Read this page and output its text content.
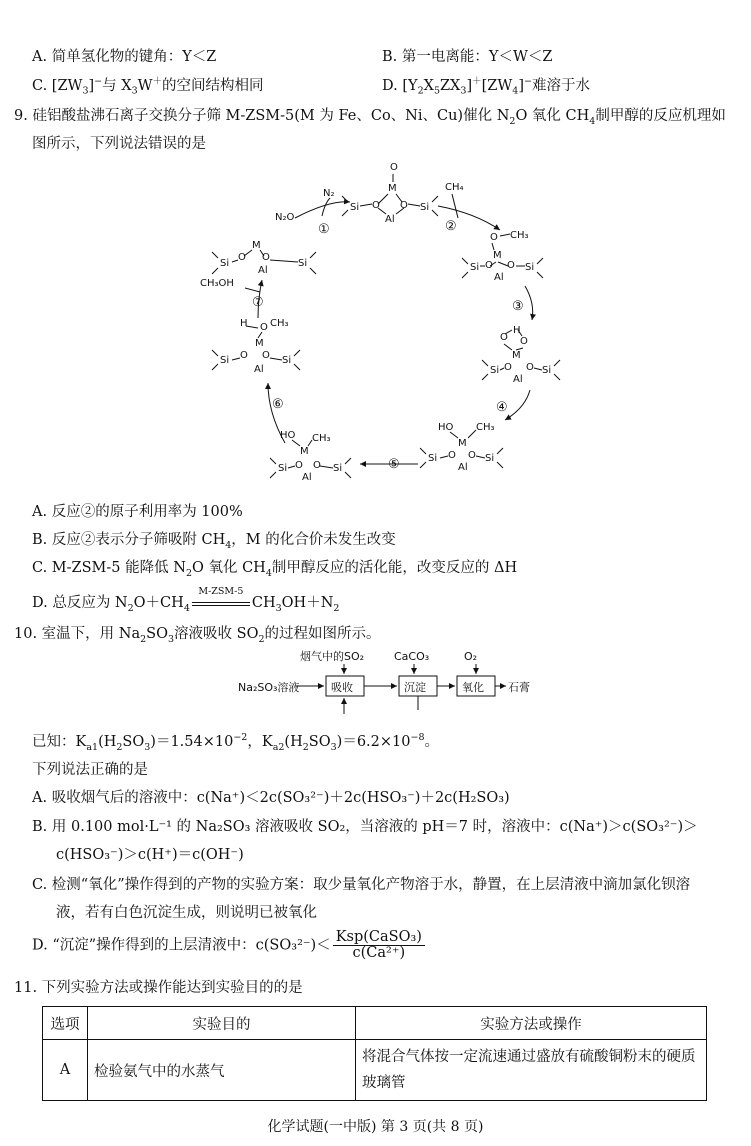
A. 简单氢化物的键角：Y＜Z	B. 第一电离能：Y＜W＜Z
C. $[ZW_3]^-$与 $X_3W^+$的空间结构相同	D. $[Y_2X_5ZX_3]^+[ZW_4]^-$难溶于水
9. 硅铝酸盐沸石离子交换分子筛 M-ZSM-5(M 为 Fe、Co、Ni、Cu)催化 $N_2O$ 氧化 $CH_4$制甲醇的反应机理如
图所示，下列说法错误的是
O
M
Si O O Si
Al
N₂O
N₂
CH₄
O CH₃
M
Si O O Si
Al
H
O O
M
Si O O Si
Al
HO
M
CH₃
Si O O Si
Al
HO CH₃
M
Si O O Si
Al
H O CH₃
M
Si O O Si
Al
CH₃OH
M
O O
Si	Si
Al
①	②
③
④
⑤
⑥
⑦
A. 反应②的原子利用率为 100%
B. 反应②表示分子筛吸附 $CH_4$，M 的化合价未发生改变
C. M-ZSM-5 能降低 $N_2O$ 氧化 $CH_4$制甲醇反应的活化能，改变反应的 ΔH
D. 总反应为 $N_2O+CH_4$
M-ZSM-5
$CH_3OH+N_2$
10. 室温下，用 $Na_2SO_3$溶液吸收 $SO_2$的过程如图所示。
烟气中的SO₂	CaCO₃	O₂
Na₂SO₃溶液	吸收	沉淀	氧化 石膏
已知：$K_{a1}(H_2SO_3)=1.54\times 10^{-2}$，$K_{a2}(H_2SO_3)=6.2\times 10^{-8}$。
下列说法正确的是
A. 吸收烟气后的溶液中：c(Na⁺)＜2c(SO₃²⁻)＋2c(HSO₃⁻)＋2c(H₂SO₃)
B. 用 0.100 mol·L⁻¹ 的 Na₂SO₃ 溶液吸收 SO₂，当溶液的 pH＝7 时，溶液中：c(Na⁺)＞c(SO₃²⁻)＞
c(HSO₃⁻)＞c(H⁺)＝c(OH⁻)
C. 检测“氧化”操作得到的产物的实验方案：取少量氧化产物溶于水，静置，在上层清液中滴加氯化钡溶
液，若有白色沉淀生成，则说明已被氧化
D. “沉淀”操作得到的上层清液中：$c(SO_3^{2-})< \frac{\text{Ksp(CaSO₃)}}{\text{c(Ca²⁺)}}$
11. 下列实验方法或操作能达到实验目的的是
选项	实验目的	实验方法或操作
A	检验氨气中的水蒸气	将混合气体按一定流速通过盛放有硫酸铜粉末的硬质玻璃管
化学试题(一中版) 第 3 页(共 8 页)
